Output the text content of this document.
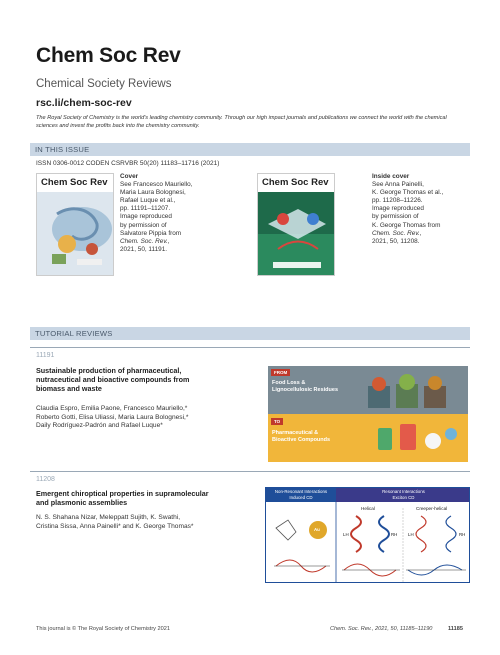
Chem Soc Rev
Chemical Society Reviews
rsc.li/chem-soc-rev
The Royal Society of Chemistry is the world's leading chemistry community. Through our high impact journals and publications we connect the world with the chemical sciences and invest the profits back into the chemistry community.
IN THIS ISSUE
ISSN 0306-0012 CODEN CSRVBR 50(20) 11183–11716 (2021)
Chem Soc Rev
Cover
See Francesco Mauriello,
Maria Laura Bolognesi,
Rafael Luque et al.,
pp. 11191–11207.
Image reproduced
by permission of
Salvatore Pippia from
Chem. Soc. Rev.,
2021, 50, 11191.
Chem Soc Rev
Inside cover
See Anna Painelli,
K. George Thomas et al.,
pp. 11208–11226.
Image reproduced
by permission of
K. George Thomas from
Chem. Soc. Rev.,
2021, 50, 11208.
TUTORIAL REVIEWS
11191
Sustainable production of pharmaceutical,
nutraceutical and bioactive compounds from
biomass and waste
Claudia Espro, Emilia Paone, Francesco Mauriello,*
Roberto Gotti, Elisa Uliassi, Maria Laura Bolognesi,*
Daily Rodríguez-Padrón and Rafael Luque*
FROM
Food Loss &
Lignocellulosic Residues
TO
Pharmaceutical &
Bioactive Compounds
11208
Emergent chiroptical properties in supramolecular
and plasmonic assemblies
N. S. Shahana Nizar, Meleppatt Sujith, K. Swathi,
Cristina Sissa, Anna Painelli* and K. George Thomas*
Non-Resonant Interactions
Induced CD
Resonant Interactions
Exciton CD
Au
Helical	Creeper-helical
LH	RH LH	RH
This journal is © The Royal Society of Chemistry 2021	Chem. Soc. Rev., 2021, 50, 11185–11190	11185
